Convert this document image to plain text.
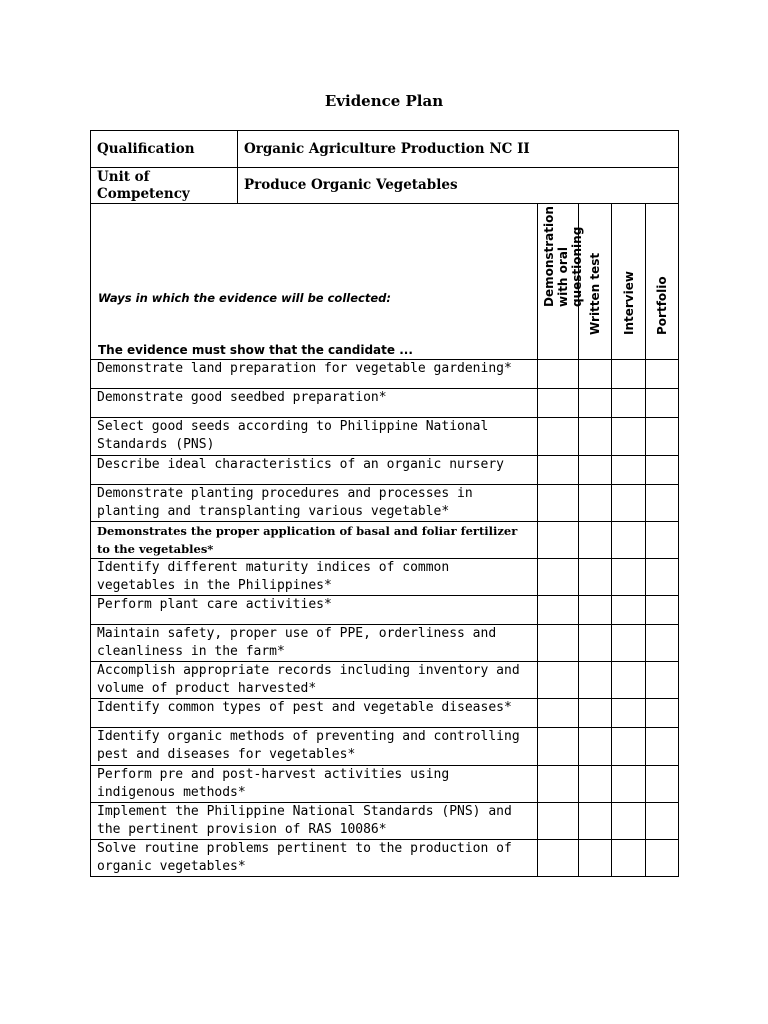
Evidence Plan
Qualification	Organic Agriculture Production NC II				
Unit of Competency	Produce Organic Vegetables				

Ways in which the evidence will be collected:
The evidence must show that the candidate ...		Demonstration with oral questioning	Written test	Interview	Portfolio

Demonstrate land preparation for vegetable gardening*					
Demonstrate good seedbed preparation*					
Select good seeds according to Philippine National Standards (PNS)					
Describe ideal characteristics of an organic nursery					
Demonstrate planting procedures and processes in planting and transplanting various vegetable*					
Demonstrates the proper application of basal and foliar fertilizer to the vegetables*					
Identify different maturity indices of common vegetables in the Philippines*					
Perform plant care activities*					
Maintain safety, proper use of PPE, orderliness and cleanliness in the farm*					
Accomplish appropriate records including inventory and volume of product harvested*					
Identify common types of pest and vegetable diseases*					
Identify organic methods of preventing and controlling pest and diseases for vegetables*					
Perform pre and post-harvest activities using indigenous methods*					
Implement the Philippine National Standards (PNS) and the pertinent provision of RAS 10086*					
Solve routine problems pertinent to the production of organic vegetables*					
